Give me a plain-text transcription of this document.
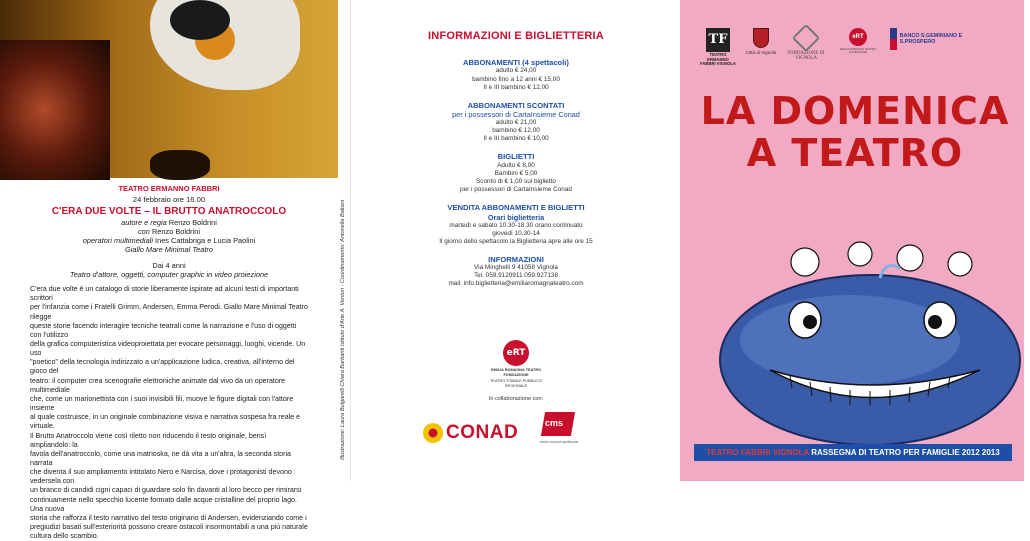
TEATRO ERMANNO FABBRI
24 febbraio ore 16.00
C'ERA DUE VOLTE – IL BRUTTO ANATROCCOLO
autore e regia Renzo Boldrini
con Renzo Boldrini
operatori multimediali Ines Cattabriga e Lucia Paolini
Giallo Mare Minimal Teatro
Dai 4 anni
Teatro d'attore, oggetti, computer graphic in video proiezione
C'era due volte è un catalogo di storie liberamente ispirate ad alcuni testi di importanti scrittori
per l'infanzia come i Fratelli Grimm, Andersen, Emma Perodi. Giallo Mare Minimal Teatro rilegge
queste storie facendo interagire tecniche teatrali come la narrazione e l'uso di oggetti con l'utilizzo
della grafica computeristica videoproiettata per evocare personaggi, luoghi, vicende. Un uso
"poetico" della tecnologia indirizzato a un'applicazione ludica, creativa, all'interno del gioco del
teatro: il computer crea scenografie elettroniche animate dal vivo da un operatore multimediale
che, come un marionettista con i suoi invisibili fili, muove le figure digitali con l'attore insieme
al quale costruisce, in un originale combinazione visiva e narrativa sospesa fra reale e virtuale.
Il Brutto Anatroccolo viene così riletto non riducendo il testo originale, bensì ampliandolo: la
favola dell'anatroccolo, come una matrioska, ne dà vita a un'altra, la seconda storia narrata
che diventa il suo ampliamento intitolato Nero e Narcisa, dove i protagonisti devono vedersela con
un branco di candidi cigni capaci di guardare solo fin davanti al loro becco per rimirarsi
continuamente nello specchio lucente formato dalle acque cristalline del proprio lago. Una nuova
storia che rafforza il testo narrativo del testo originario di Andersen, evidenziando come i
pregiudizi basati sull'esteriorità possono creare ostacoli insormontabili a una più naturale
cultura dello scambio.
Illustrazione: Laura Bulgarelli Chiara Barbanti Istituto d'Arte A. Venturi - Coordinamento: Antonella Baltani
INFORMAZIONI E BIGLIETTERIA
ABBONAMENTI (4 spettacoli)
adulto € 24,00
bambino fino a 12 anni € 15,00
II e III bambino € 12,00
ABBONAMENTI SCONTATI
per i possessori di CartaInsieme Conad
adulto € 21,00
bambino € 12,00
II e III bambino € 10,00
BIGLIETTI
Adulto € 8,00
Bambini € 5,00
Sconto di € 1,00 sul biglietto
per i possessori di CartaInsieme Conad
VENDITA ABBONAMENTI E BIGLIETTI
Orari biglietteria
martedì e sabato 10.30-18.30 orario continuato
giovedì 10.30-14
Il giorno dello spettacolo la Biglietteria apre alle ore 15
INFORMAZIONI
Via Minghelli 9 41058 Vignola
Tel. 059.9120911 059.927138
mail: info.biglietteria@emiliaromagnateatro.com
eRT
EMILIA ROMAGNA TEATRO FONDAZIONE
TEATRO STABILE PUBBLICO REGIONALE
In collaborazione con:
CONAD	cms
centro musica spettacolo
TF
TEATRO ERMANNO FABBRI VIGNOLA
Città di Vignola	FONDAZIONE DI VIGNOLA
eRT
EMILIA ROMAGNA TEATRO FONDAZIONE
BANCO S.GEMINIANO E S.PROSPERO
LA DOMENICA
A TEATRO
TEATRO FABBRI VIGNOLA RASSEGNA DI TEATRO PER FAMIGLIE 2012 2013
